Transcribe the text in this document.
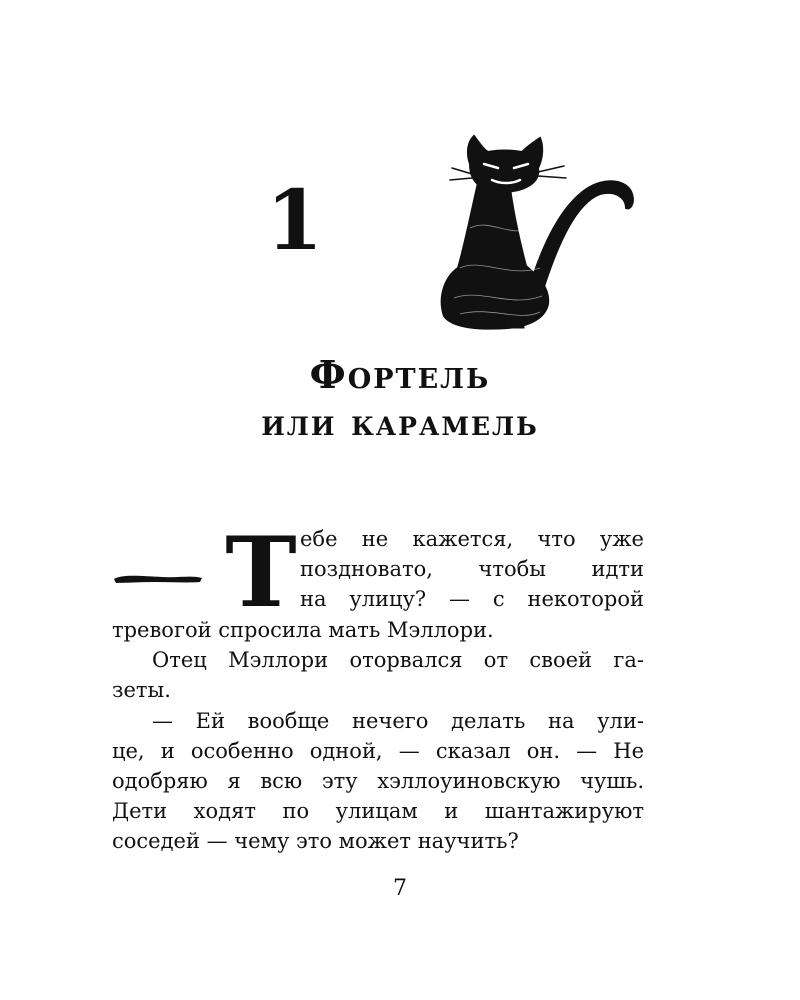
1
Фортель
или карамель
Т ебе не кажется, что уже
поздновато, чтобы идти
на улицу? — с некоторой
тревогой спросила мать Мэллори.
Отец Мэллори оторвался от своей га-
зеты.
— Ей вообще нечего делать на ули-
це, и особенно одной, — сказал он. — Не
одобряю я всю эту хэллоуиновскую чушь.
Дети ходят по улицам и шантажируют
соседей — чему это может научить?
7
